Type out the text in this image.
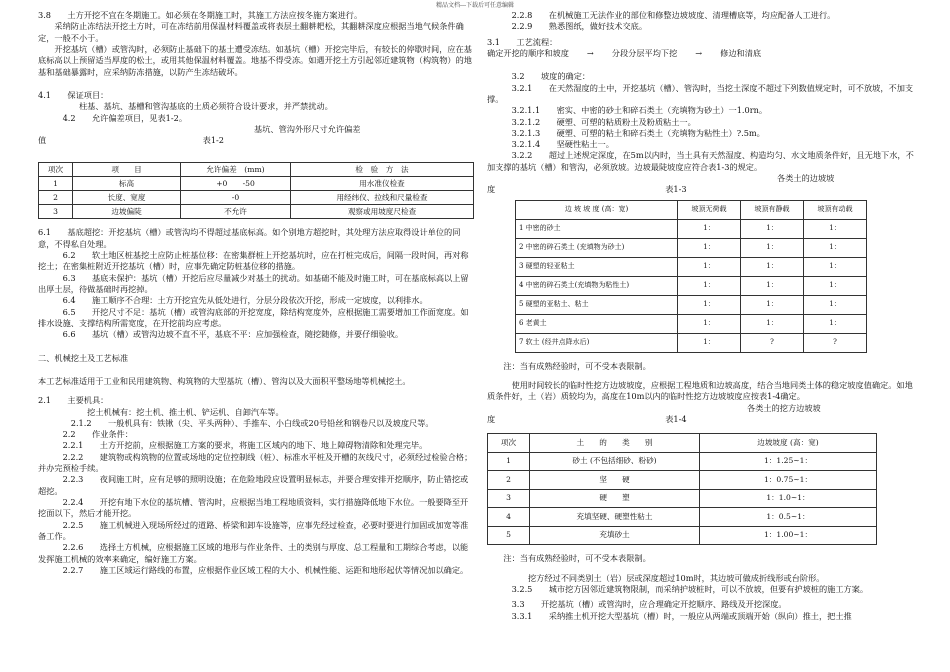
精品文档---下载后可任意编辑

3.8　　土方开挖不宜在冬期施工。如必须在冬期施工时，其施工方法应按冬施方案进行。

　　采纳防止冻结法开挖土方时，可在冻结前用保温材料覆盖或将表层土翻耕耙松，其翻耕深度应根据当地气候条件确定，一般不小于。

　　开挖基坑（槽）或管沟时，必须防止基础下的基土遭受冻结。如基坑（槽）开挖完毕后，有较长的停歇时间，应在基底标高以上预留适当厚度的松土，或用其他保温材料覆盖。地基不得受冻。如遇开挖土方引起邻近建筑物（构筑物）的地基和基础暴露时，应采纳防冻措施，以防产生冻结破坏。

4.1　　保证项目：

　　　　　柱基、基坑、基槽和管沟基底的土质必须符合设计要求，并严禁扰动。

　　　4.2　　允许偏差项目，见表1-2。

基坑、管沟外形尺寸允许偏差

值	表1-2
项次	项　　目	允许偏差　(mm)	检　验　方　法
1	标高	+0　　-50	用水准仪检查
2	长度、宽度	-0	用经纬仪、拉线和尺量检查
3	边坡偏陡	不允许	观察或用坡度尺检查

6.1　　基底超挖：开挖基坑（槽）或管沟均不得超过基底标高。如个别地方超挖时，其处理方法应取得设计单位的同意，不得私自处理。

　　　6.2　　软土地区桩基挖土应防止桩基位移：在密集群桩上开挖基坑时，应在打桩完成后，间隔一段时间，再对称挖土；在密集桩附近开挖基坑（槽）时，应事先确定防桩基位移的措施。

　　　6.3　　基底未保护：基坑（槽）开挖后应尽量减少对基土的扰动。如基础不能及时施工时，可在基底标高以上留出厚土层，待做基础时再挖掉。

　　　6.4　　施工顺序不合理：土方开挖宜先从低处进行，分层分段依次开挖，形成一定坡度，以利排水。

　　　6.5　　开挖尺寸不足：基坑（槽）或管沟底部的开挖宽度，除结构宽度外，应根据施工需要增加工作面宽度。如排水设施、支撑结构所需宽度，在开挖前均应考虑。

　　　6.6　　基坑（槽）或管沟边坡不直不平，基底不平：应加强检查，随挖随修，并要仔细验收。

二、机械挖土及工艺标准

本工艺标准适用于工业和民用建筑物、构筑物的大型基坑（槽）、管沟以及大面积平整场地等机械挖土。

2.1　　主要机具：

　　　　　　挖土机械有：挖土机、推土机、铲运机、自卸汽车等。

　　　　2.1.2　　一般机具有：铁锹（尖、平头两种）、手推车、小白线或20号铅丝和钢卷尺以及坡度尺等。

　　　2.2　　作业条件：

　　　2.2.1　　土方开挖前，应根据施工方案的要求，将施工区域内的地下、地上障碍物清除和处理完毕。

　　　2.2.2　　建筑物或构筑物的位置或场地的定位控制线（桩）、标准水平桩及开槽的灰线尺寸，必须经过检验合格；并办完预检手续。

　　　2.2.3　　夜间施工时，应有足够的照明设施；在危险地段应设置明显标志，并要合理安排开挖顺序，防止错挖或超挖。

　　　2.2.4　　开挖有地下水位的基坑槽、管沟时，应根据当地工程地质资料，实行措施降低地下水位。一般要降至开挖面以下，然后才能开挖。

　　　2.2.5　　施工机械进入现场所经过的道路、桥梁和卸车设施等，应事先经过检查，必要时要进行加固或加宽等准备工作。

　　　2.2.6　　选择土方机械，应根据施工区域的地形与作业条件、土的类别与厚度、总工程量和工期综合考虑，以能发挥施工机械的效率来确定，编好施工方案。

　　　2.2.7　　施工区域运行路线的布置，应根据作业区域工程的大小、机械性能、运距和地形起伏等情况加以确定。

　　　2.2.8　　在机械施工无法作业的部位和修整边坡坡度、清理槽底等，均应配备人工进行。

　　　2.2.9　　熟悉图纸，做好技术交底。

3.1　　工艺流程：

确定开挖的顺序和坡度	→	分段分层平均下挖	→	修边和清底

　　　3.2　　坡度的确定：

　　　3.2.1　　在天然湿度的土中，开挖基坑（槽）、管沟时，当挖土深度不超过下列数值规定时，可不放坡，不加支撑。

　　　3.2.1.1　　密实、中密的砂土和碎石类土（充填物为砂土）一1.0rn。

　　　3.2.1.2　　硬塑、可塑的粘质粉土及粉质粘土一。

　　　3.2.1.3　　硬塑、可塑的粘土和碎石类土（充填物为粘性土）?.5m。

　　　3.2.1.4　　坚硬性粘土一。

　　　3.2.2　　超过上述规定深度，在5m以内时，当土具有天然湿度、构造均匀、水文地质条件好，且无地下水，不加支撑的基坑（槽）和管沟，必须放坡。边坡最陡坡度应符合表1-3的规定。

各类土的边坡坡

度	表1-3
边 坡 坡 度 (高：宽)	坡顶无荷载	坡顶有静载	坡顶有动载
1 中密的砂土	1：	1：	1：
2 中密的碎石类土 (充填物为砂土)	1：	1：	1：
3 硬塑的轻亚粘土	1：	1：	1：
4 中密的碎石类土(充填物为粘性土)	1：	1：	1：
5 硬塑的亚粘土、粘土	1：	1：	1：
6 老黄土	1：	1：	1：
7 软土 (经井点降水后)	1：	?	?

　　注：当有成熟经验时，可不受本表限制。

　　　使用时间较长的临时性挖方边坡坡度，应根据工程地质和边坡高度，结合当地同类土体的稳定坡度值确定。如地质条件好，土（岩）质较均为，高度在10m以内的临时性挖方边坡坡度应按表1-4确定。

各类土的挖方边坡坡

度	表1-4
项次	土　　的　　类　　别	边坡坡度 (高：宽)
1	砂土 (不包括细砂、粉砂)	1：1.25~1：
2	坚　　硬	1：0.75~1：
3	硬　　塑	1：1.0~1：
4	充填坚硬、硬塑性粘土	1：0.5~1：
5	充填砂土	1：1.00~1：

　　注：当有成熟经验时，可不受本表限制。

　　　　　挖方经过不同类别土（岩）层或深度超过10m时，其边坡可做成折线形或台阶形。

　　　3.2.5　　城市挖方因邻近建筑物限制，而采纳护坡桩时，可以不放坡，但要有护坡桩的施工方案。

　　　3.3　　开挖基坑（槽）或管沟时，应合理确定开挖顺序、路线及开挖深度。

　　　3.3.1　　采纳推土机开挖大型基坑（槽）时，一般应从两端或顶端开始（纵向）推土，把土推
